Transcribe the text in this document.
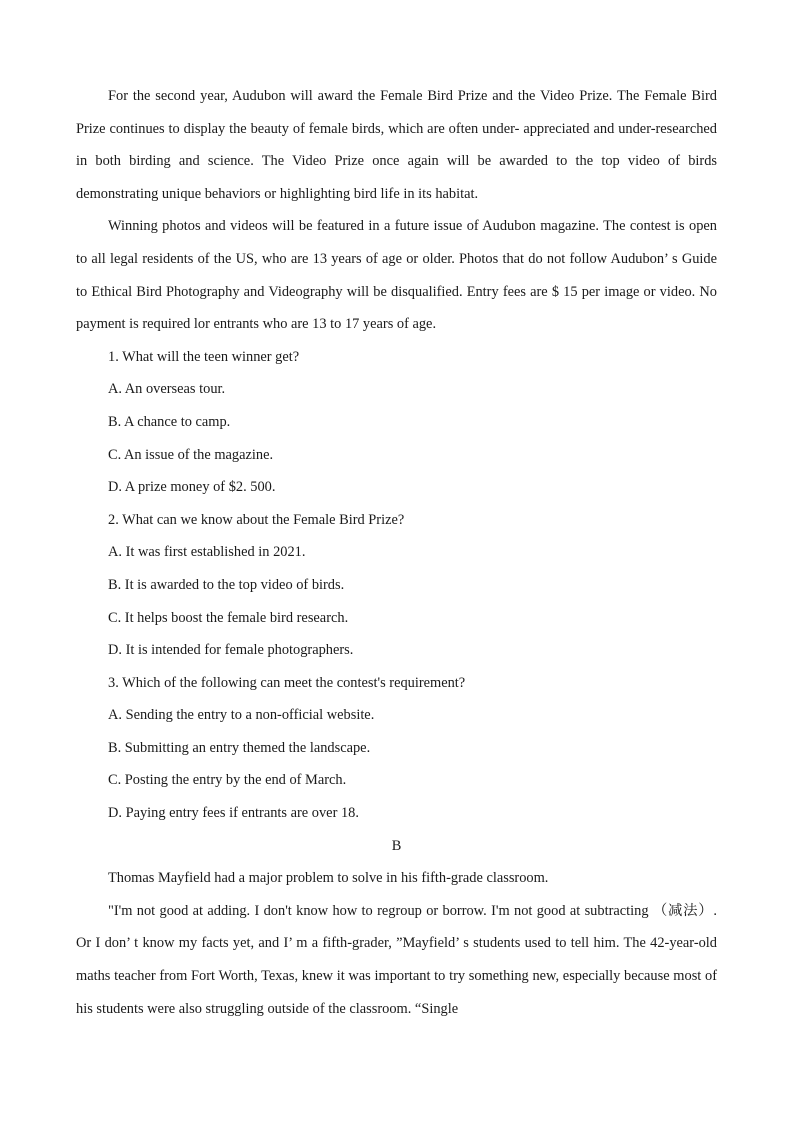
For the second year, Audubon will award the Female Bird Prize and the Video Prize. The Female Bird Prize continues to display the beauty of female birds, which are often under- appreciated and under-researched in both birding and science. The Video Prize once again will be awarded to the top video of birds demonstrating unique behaviors or highlighting bird life in its habitat.

Winning photos and videos will be featured in a future issue of Audubon magazine. The contest is open to all legal residents of the US, who are 13 years of age or older. Photos that do not follow Audubon’ s Guide to Ethical Bird Photography and Videography will be disqualified. Entry fees are $ 15 per image or video. No payment is required lor entrants who are 13 to 17 years of age.

1. What will the teen winner get?

A. An overseas tour.

B. A chance to camp.

C. An issue of the magazine.

D. A prize money of $2. 500.

2. What can we know about the Female Bird Prize?

A. It was first established in 2021.

B. It is awarded to the top video of birds.

C. It helps boost the female bird research.

D. It is intended for female photographers.

3. Which of the following can meet the contest's requirement?

A. Sending the entry to a non-official website.

B. Submitting an entry themed the landscape.

C. Posting the entry by the end of March.

D. Paying entry fees if entrants are over 18.

B

Thomas Mayfield had a major problem to solve in his fifth-grade classroom.

"I'm not good at adding. I don't know how to regroup or borrow. I'm not good at subtracting （减法）. Or I don’ t know my facts yet, and I’ m a fifth-grader, ”Mayfield’ s students used to tell him. The 42-year-old maths teacher from Fort Worth, Texas, knew it was important to try something new, especially because most of his students were also struggling outside of the classroom. “Single
